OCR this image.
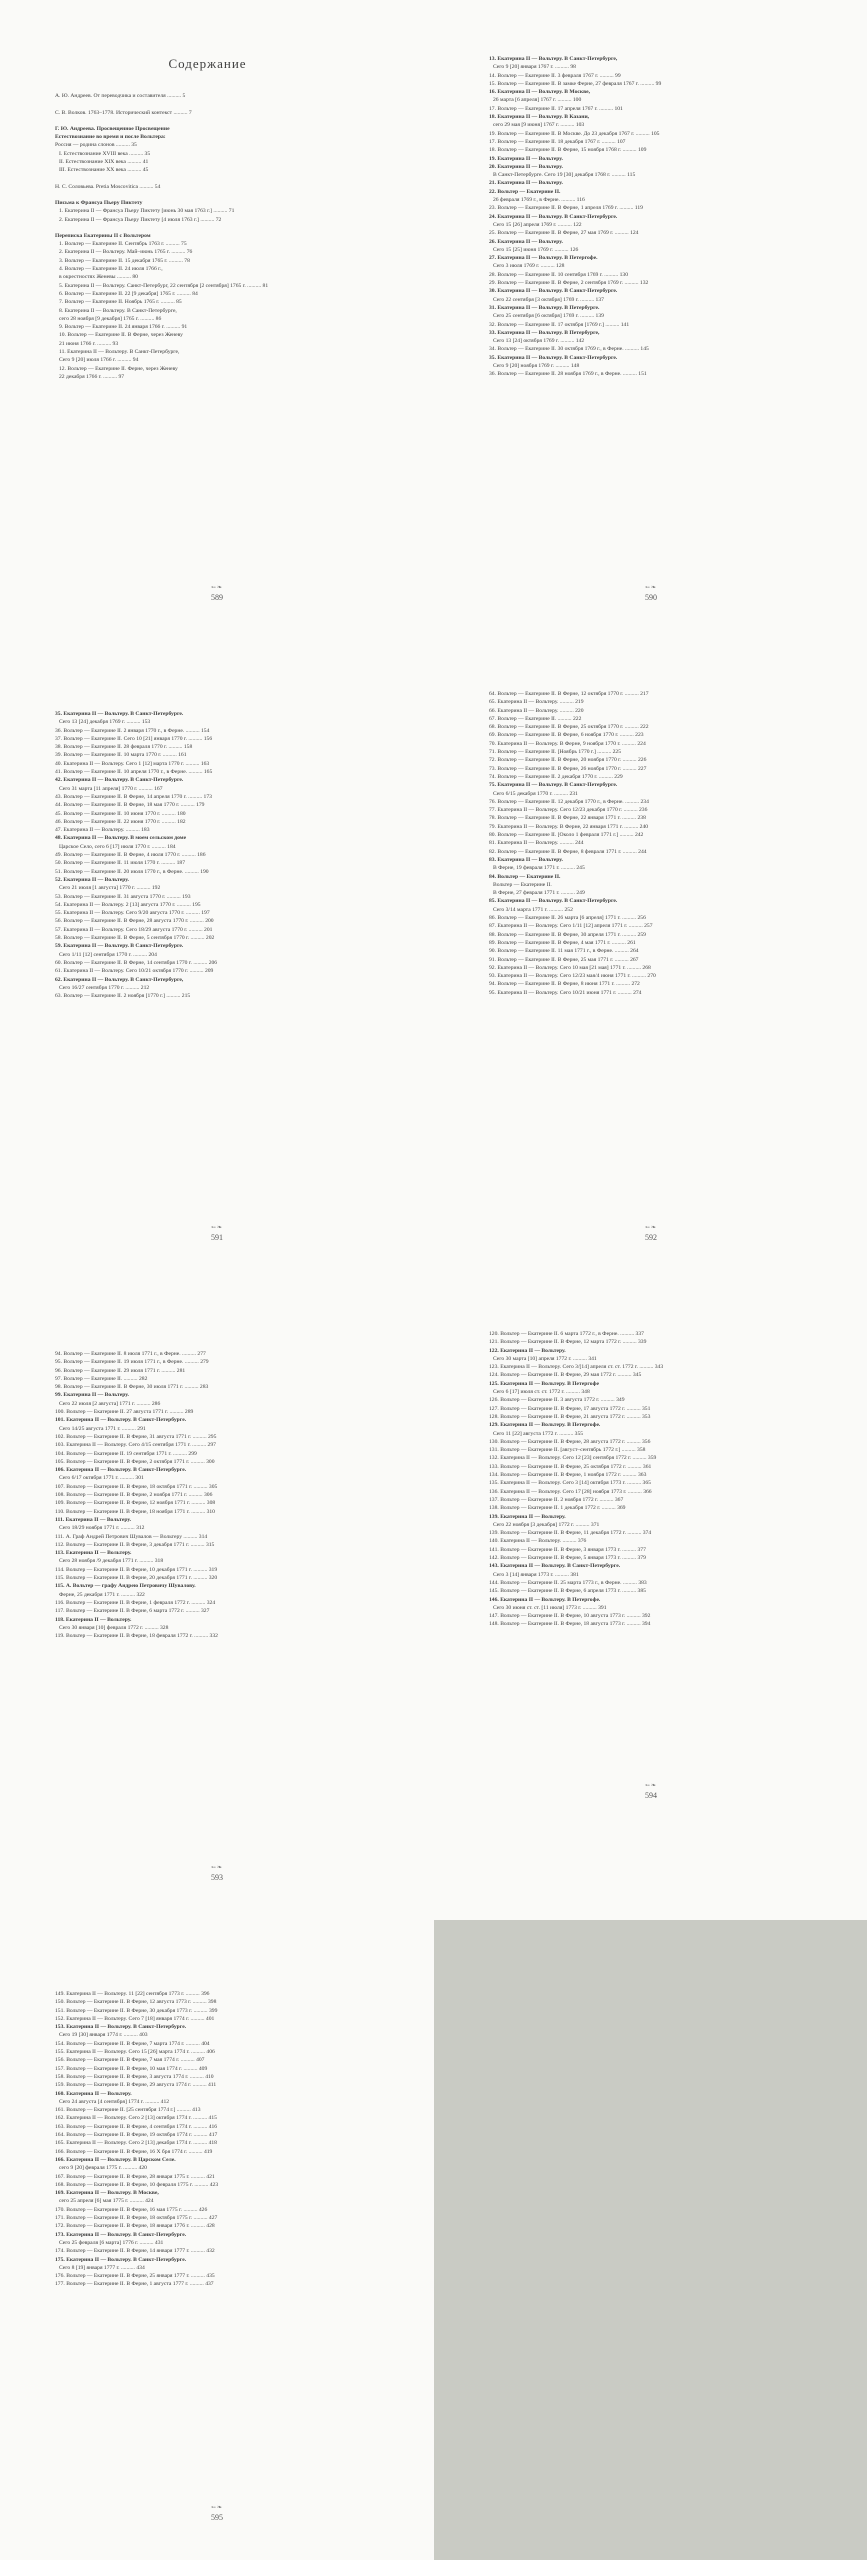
Содержание
А. Ю. Андреев. От переводчика и составителя .......... 5
С. В. Волков. 1763–1778. Исторический контекст .......... 7
Г. Ю. Андреева. Просвещенное Просвещение
Естествознание во время и после Вольтера:
Россия — родина слонов .......... 35
I. Естествознание XVIII века .......... 35
II. Естествознание XIX века .......... 41
III. Естествознание XX века .......... 45
Н. С. Соловьева. Pretia Moscovitica .......... 54
Письма к Франсуа Пьеру Пиктету
1. Екатерина II — Франсуа Пьеру Пиктету [июнь 30 мая 1763 г.] .......... 71
2. Екатерина II — Франсуа Пьеру Пиктету [4 июля 1763 г.] .......... 72
Переписка Екатерины II с Вольтером
1. Вольтер — Екатерине II. Сентябрь 1763 г. .......... 75
2. Екатерина II — Вольтеру. Май–июнь 1765 г. .......... 76
3. Вольтер — Екатерине II. 15 декабря 1765 г. .......... 78
4. Вольтер — Екатерине II. 24 июля 1766 г.,
в окрестностях Женевы .......... 80
5. Екатерина II — Вольтеру. Санкт-Петербург, 22 сентября [2 сентября] 1765 г. .......... 81
6. Вольтер — Екатерине II. 22 [9 декабря] 1765 г. .......... 84
7. Вольтер — Екатерине II. Ноябрь 1765 г. .......... 85
8. Екатерина II — Вольтеру. В Санкт-Петербурге,
сего 28 ноября [9 декабря] 1765 г. .......... 86
9. Вольтер — Екатерине II. 24 января 1766 г. .......... 91
10. Вольтер — Екатерине II. В Ферне, через Женеву
21 июня 1766 г. .......... 93
11. Екатерина II — Вольтеру. В Санкт-Петербурге,
Сего 9 [20] июля 1766 г. .......... 94
12. Вольтер — Екатерине II. Ферне, через Женеву
22 декабря 1766 г. .......... 97
➳❧
589
13. Екатерина II — Вольтеру. В Санкт-Петербурге,
Сего 9 [20] января 1767 г. .......... 98
14. Вольтер — Екатерине II. 3 февраля 1767 г. .......... 99
15. Вольтер — Екатерине II. В замке Ферне, 27 февраля 1767 г. .......... 99
16. Екатерина II — Вольтеру. В Москве,
26 марта [6 апреля] 1767 г. .......... 100
17. Вольтер — Екатерине II. 17 апреля 1767 г. .......... 101
18. Екатерина II — Вольтеру. В Казани,
сего 29 мая [9 июня] 1767 г. .......... 103
19. Вольтер — Екатерине II. В Москве. До 23 декабря 1767 г. .......... 105
17. Вольтер — Екатерине II. 18 декабря 1767 г. .......... 107
18. Вольтер — Екатерине II. В Ферне, 15 ноября 1768 г. .......... 109
19. Екатерина II — Вольтеру.
20. Екатерина II — Вольтеру.
В Санкт-Петербурге. Сего 19 [30] декабря 1768 г. .......... 115
21. Екатерина II — Вольтеру.
22. Вольтер — Екатерине II.
26 февраля 1769 г., в Ферне. .......... 116
23. Вольтер — Екатерине II. В Ферне, 1 апреля 1769 г. .......... 119
24. Екатерина II — Вольтеру. В Санкт-Петербурге.
Сего 15 [26] апреля 1769 г. .......... 122
25. Вольтер — Екатерине II. В Ферне, 27 мая 1769 г. .......... 124
26. Екатерина II — Вольтеру.
Сего 15 [25] июня 1769 г. .......... 126
27. Екатерина II — Вольтеру. В Петергофе.
Сего 3 июля 1769 г. .......... 128
28. Вольтер — Екатерине II. 10 сентября 1769 г. .......... 130
29. Вольтер — Екатерине II. В Ферне, 2 сентября 1769 г. .......... 132
30. Екатерина II — Вольтеру. В Санкт-Петербурге.
Сего 22 сентября [3 октября] 1769 г. .......... 137
31. Екатерина II — Вольтеру. В Петербурге.
Сего 25 сентября [6 октября] 1769 г. .......... 139
32. Вольтер — Екатерине II. 17 октября [1769 г.] .......... 141
33. Екатерина II — Вольтеру. В Петербурге,
Сего 13 [24] октября 1769 г. .......... 142
34. Вольтер — Екатерине II. 30 октября 1769 г., в Ферне. .......... 145
35. Екатерина II — Вольтеру. В Санкт-Петербурге.
Сего 9 [20] ноября 1769 г. .......... 148
36. Вольтер — Екатерине II. 28 ноября 1769 г., в Ферне. .......... 151
➳❧
590
35. Екатерина II — Вольтеру. В Санкт-Петербурге.
Сего 13 [24] декабря 1769 г. .......... 153
36. Вольтер — Екатерине II. 2 января 1770 г., в Ферне. .......... 154
37. Вольтер — Екатерине II. Сего 10 [21] января 1770 г. .......... 156
38. Вольтер — Екатерине II. 28 февраля 1770 г. .......... 158
39. Вольтер — Екатерине II. 10 марта 1770 г. .......... 161
40. Екатерина II — Вольтеру. Сего 1 [12] марта 1770 г. .......... 163
41. Вольтер — Екатерине II. 10 апреля 1770 г., в Ферне. .......... 165
42. Екатерина II — Вольтеру. В Санкт-Петербурге.
Сего 31 марта [11 апреля] 1770 г. .......... 167
43. Вольтер — Екатерине II. В Ферне, 14 апреля 1770 г. .......... 173
44. Вольтер — Екатерине II. В Ферне, 18 мая 1770 г. .......... 179
45. Вольтер — Екатерине II. 10 июня 1770 г. .......... 180
46. Вольтер — Екатерине II. 22 июня 1770 г. .......... 182
47. Екатерина II — Вольтеру. .......... 183
48. Екатерина II — Вольтеру. В моем сельском доме
Царское Село, сего 6 [17] июля 1770 г. .......... 184
49. Вольтер — Екатерине II. В Ферне, 4 июля 1770 г. .......... 186
50. Вольтер — Екатерине II. 11 июля 1770 г. .......... 187
51. Вольтер — Екатерине II. 20 июля 1770 г., в Ферне. .......... 190
52. Екатерина II — Вольтеру.
Сего 21 июля [1 августа] 1770 г. .......... 192
53. Вольтер — Екатерине II. 31 августа 1770 г. .......... 193
54. Екатерина II — Вольтеру. 2 [13] августа 1770 г. .......... 195
55. Екатерина II — Вольтеру. Сего 9/20 августа 1770 г. .......... 197
56. Вольтер — Екатерине II. В Ферне, 28 августа 1770 г. .......... 200
57. Екатерина II — Вольтеру. Сего 18/29 августа 1770 г. .......... 201
58. Вольтер — Екатерине II. В Ферне, 5 сентября 1770 г. .......... 202
59. Екатерина II — Вольтеру. В Санкт-Петербурге.
Сего 1/11 [12] сентября 1770 г. .......... 204
60. Вольтер — Екатерине II. В Ферне, 14 сентября 1770 г. .......... 206
61. Екатерина II — Вольтеру. Сего 10/21 октября 1770 г. .......... 209
62. Екатерина II — Вольтеру. В Санкт-Петербурге,
Сего 16/27 сентября 1770 г. .......... 212
63. Вольтер — Екатерине II. 2 ноября [1770 г.] .......... 215
➳❧
591
64. Вольтер — Екатерине II. В Ферне, 12 октября 1770 г. .......... 217
65. Екатерина II — Вольтеру. .......... 219
66. Екатерина II — Вольтеру. .......... 220
67. Вольтер — Екатерине II. .......... 222
68. Вольтер — Екатерине II. В Ферне, 25 октября 1770 г. .......... 222
69. Вольтер — Екатерине II. В Ферне, 6 ноября 1770 г. .......... 223
70. Екатерина II — Вольтеру. В Ферне, 9 ноября 1770 г. .......... 224
71. Вольтер — Екатерине II. [Ноябрь 1770 г.] .......... 225
72. Вольтер — Екатерине II. В Ферне, 20 ноября 1770 г. .......... 226
73. Вольтер — Екатерине II. В Ферне, 26 ноября 1770 г. .......... 227
74. Вольтер — Екатерине II. 2 декабря 1770 г. .......... 229
75. Екатерина II — Вольтеру. В Санкт-Петербурге.
Сего 6/15 декабря 1770 г. .......... 231
76. Вольтер — Екатерине II. 12 декабря 1770 г., в Ферне. .......... 234
77. Екатерина II — Вольтеру. Сего 12/23 декабря 1770 г. .......... 236
78. Вольтер — Екатерине II. В Ферне, 22 января 1771 г. .......... 238
79. Екатерина II — Вольтеру. В Ферне, 22 января 1771 г. .......... 240
80. Вольтер — Екатерине II. [Около 1 февраля 1771 г.] .......... 242
81. Екатерина II — Вольтеру. .......... 244
82. Вольтер — Екатерине II. В Ферне, 8 февраля 1771 г. .......... 244
83. Екатерина II — Вольтеру.
В Ферне, 19 февраля 1771 г. .......... 245
84. Вольтер — Екатерине II.
Вольтер — Екатерине II.
В Ферне, 27 февраля 1771 г. .......... 249
85. Екатерина II — Вольтеру. В Санкт-Петербурге.
Сего 3/14 марта 1771 г. .......... 252
86. Вольтер — Екатерине II. 26 марта [6 апреля] 1771 г. .......... 256
87. Екатерина II — Вольтеру. Сего 1/11 [12] апреля 1771 г. .......... 257
88. Вольтер — Екатерине II. В Ферне, 30 апреля 1771 г. .......... 259
89. Вольтер — Екатерине II. В Ферне, 4 мая 1771 г. .......... 261
90. Вольтер — Екатерине II. 11 мая 1771 г., в Ферне. .......... 264
91. Вольтер — Екатерине II. В Ферне, 25 мая 1771 г. .......... 267
92. Екатерина II — Вольтеру. Сего 10 мая [21 мая] 1771 г. .......... 268
93. Екатерина II — Вольтеру. Сего 12/23 мая/4 июня 1771 г. .......... 270
94. Вольтер — Екатерине II. В Ферне, 8 июня 1771 г. .......... 272
95. Екатерина II — Вольтеру. Сего 10/21 июня 1771 г. .......... 274
➳❧
592
94. Вольтер — Екатерине II. 8 июля 1771 г., в Ферне. .......... 277
95. Вольтер — Екатерине II. 19 июля 1771 г., в Ферне. .......... 279
96. Вольтер — Екатерине II. 29 июля 1771 г. .......... 281
97. Вольтер — Екатерине II. .......... 282
98. Вольтер — Екатерине II. В Ферне, 30 июля 1771 г. .......... 283
99. Екатерина II — Вольтеру.
Сего 22 июля [2 августа] 1771 г. .......... 286
100. Вольтер — Екатерине II. 27 августа 1771 г. .......... 289
101. Екатерина II — Вольтеру. В Санкт-Петербурге.
Сего 14/25 августа 1771 г. .......... 291
102. Вольтер — Екатерине II. В Ферне, 31 августа 1771 г. .......... 295
103. Екатерина II — Вольтеру. Сего 4/15 сентября 1771 г. .......... 297
104. Вольтер — Екатерине II. 19 сентября 1771 г. .......... 299
105. Вольтер — Екатерине II. В Ферне, 2 октября 1771 г. .......... 300
106. Екатерина II — Вольтеру. В Санкт-Петербурге.
Сего 6/17 октября 1771 г. .......... 301
107. Вольтер — Екатерине II. В Ферне, 18 октября 1771 г. .......... 305
108. Вольтер — Екатерине II. В Ферне, 2 ноября 1771 г. .......... 306
109. Вольтер — Екатерине II. В Ферне, 12 ноября 1771 г. .......... 308
110. Вольтер — Екатерине II. В Ферне, 18 ноября 1771 г. .......... 310
111. Екатерина II — Вольтеру.
Сего 18/29 ноября 1771 г. .......... 312
111. А. Граф Андрей Петрович Шувалов — Вольтеру .......... 314
112. Вольтер — Екатерине II. В Ферне, 3 декабря 1771 г. .......... 315
113. Екатерина II — Вольтеру.
Сего 28 ноября /9 декабря 1771 г. .......... 318
114. Вольтер — Екатерине II. В Ферне, 10 декабря 1771 г. .......... 319
115. Вольтер — Екатерине II. В Ферне, 20 декабря 1771 г. .......... 320
115. А. Вольтер — графу Андрею Петровичу Шувалову.
Ферне, 25 декабря 1771 г. .......... 322
116. Вольтер — Екатерине II. В Ферне, 1 февраля 1772 г. .......... 324
117. Вольтер — Екатерине II. В Ферне, 6 марта 1772 г. .......... 327
118. Екатерина II — Вольтеру.
Сего 30 января [10] февраля 1772 г. .......... 328
119. Вольтер — Екатерине II. В Ферне, 18 февраля 1772 г. .......... 332
➳❧
593
120. Вольтер — Екатерине II. 6 марта 1772 г., в Ферне. .......... 337
121. Вольтер — Екатерине II. В Ферне, 12 марта 1772 г. .......... 339
122. Екатерина II — Вольтеру.
Сего 30 марта [10] апреля 1772 г. .......... 341
123. Екатерина II — Вольтеру. Сего 3/[14] апреля ст. ст. 1772 г. .......... 343
124. Вольтер — Екатерине II. В Ферне, 29 мая 1772 г. .......... 345
125. Екатерина II — Вольтеру. В Петергофе
Сего 6 [17] июля ст. ст. 1772 г. .......... 348
126. Вольтер — Екатерине II. 3 августа 1772 г. .......... 349
127. Вольтер — Екатерине II. В Ферне, 17 августа 1772 г. .......... 351
128. Вольтер — Екатерине II. В Ферне, 21 августа 1772 г. .......... 353
129. Екатерина II — Вольтеру. В Петергофе.
Сего 11 [22] августа 1772 г. .......... 355
130. Вольтер — Екатерине II. В Ферне, 28 августа 1772 г. .......... 356
131. Вольтер — Екатерине II. [август–сентябрь 1772 г.] .......... 358
132. Екатерина II — Вольтеру. Сего 12 [23] сентября 1772 г. .......... 359
133. Вольтер — Екатерине II. В Ферне, 25 октября 1772 г. .......... 361
134. Вольтер — Екатерине II. В Ферне, 1 ноября 1772 г. .......... 363
135. Екатерина II — Вольтеру. Сего 3 [14] октября 1773 г. .......... 365
136. Екатерина II — Вольтеру. Сего 17 [28] ноября 1773 г. .......... 366
137. Вольтер — Екатерине II. 2 ноября 1772 г. .......... 367
138. Вольтер — Екатерине II. 1 декабря 1772 г. .......... 369
139. Екатерина II — Вольтеру.
Сего 22 ноября [3 декабря] 1772 г. .......... 371
139. Вольтер — Екатерине II. В Ферне, 11 декабря 1772 г. .......... 374
140. Екатерина II — Вольтеру. .......... 376
141. Вольтер — Екатерине II. В Ферне, 3 января 1773 г. .......... 377
142. Вольтер — Екатерине II. В Ферне, 5 января 1773 г. .......... 379
143. Екатерина II — Вольтеру. В Санкт-Петербурге.
Сего 3 [14] января 1773 г. .......... 381
144. Вольтер — Екатерине II. 25 марта 1773 г., в Ферне. .......... 383
145. Вольтер — Екатерине II. В Ферне, 6 апреля 1773 г. .......... 385
146. Екатерина II — Вольтеру. В Петергофе.
Сего 30 июня ст. ст. [11 июля] 1773 г. .......... 391
147. Вольтер — Екатерине II. В Ферне, 10 августа 1773 г. .......... 392
148. Вольтер — Екатерине II. В Ферне, 18 августа 1773 г. .......... 394
➳❧
594
149. Екатерина II — Вольтеру. 11 [22] сентября 1773 г. .......... 396
150. Вольтер — Екатерине II. В Ферне, 12 августа 1773 г. .......... 398
151. Вольтер — Екатерине II. В Ферне, 30 декабря 1773 г. .......... 399
152. Екатерина II — Вольтеру. Сего 7 [18] января 1774 г. .......... 401
153. Екатерина II — Вольтеру. В Санкт-Петербурге.
Сего 19 [30] января 1774 г. .......... 403
154. Вольтер — Екатерине II. В Ферне, 7 марта 1774 г. .......... 404
155. Екатерина II — Вольтеру. Сего 15 [26] марта 1774 г. .......... 406
156. Вольтер — Екатерине II. В Ферне, 7 мая 1774 г. .......... 407
157. Вольтер — Екатерине II. В Ферне, 10 мая 1774 г. .......... 409
158. Вольтер — Екатерине II. В Ферне, 3 августа 1774 г. .......... 410
159. Вольтер — Екатерине II. В Ферне, 29 августа 1774 г. .......... 411
160. Екатерина II — Вольтеру.
Сего 24 августа [4 сентября] 1774 г. .......... 412
161. Вольтер — Екатерине II. [25 сентября 1774 г.] .......... 413
162. Екатерина II — Вольтеру. Сего 2 [13] октября 1774 г. .......... 415
163. Вольтер — Екатерине II. В Ферне, 4 сентября 1774 г. .......... 416
164. Вольтер — Екатерине II. В Ферне, 19 октября 1774 г. .......... 417
165. Екатерина II — Вольтеру. Сего 2 [13] декабря 1774 г. .......... 418
166. Вольтер — Екатерине II. В Ферне, 16 X бря 1774 г. .......... 419
166. Екатерина II — Вольтеру. В Царском Селе.
сего 9 [20] февраля 1775 г. .......... 420
167. Вольтер — Екатерине II. В Ферне, 28 января 1775 г. .......... 421
168. Вольтер — Екатерине II. В Ферне, 10 февраля 1775 г. .......... 423
169. Екатерина II — Вольтеру. В Москве,
сего 25 апреля [6] мая 1775 г. .......... 424
170. Вольтер — Екатерине II. В Ферне, 16 мая 1775 г. .......... 426
171. Вольтер — Екатерине II. В Ферне, 18 октября 1775 г. .......... 427
172. Вольтер — Екатерине II. В Ферне, 18 января 1776 г. .......... 428
173. Екатерина II — Вольтеру. В Санкт-Петербурге.
Сего 25 февраля [6 марта] 1776 г. .......... 431
174. Вольтер — Екатерине II. В Ферне, 14 января 1777 г. .......... 432
175. Екатерина II — Вольтеру. В Санкт-Петербурге.
Сего 8 [19] января 1777 г. .......... 434
176. Вольтер — Екатерине II. В Ферне, 25 января 1777 г. .......... 435
177. Вольтер — Екатерине II. В Ферне, 1 августа 1777 г. .......... 437
➳❧
595
